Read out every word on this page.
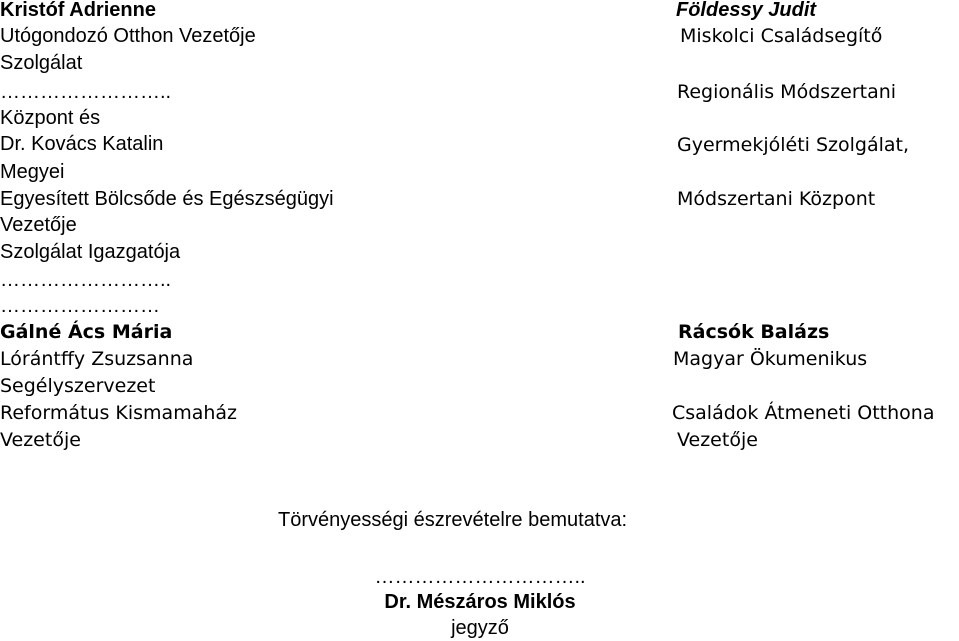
Kristóf Adrienne
Utógondozó Otthon Vezetője
Szolgálat
……………………..
Központ és
Dr. Kovács Katalin
Megyei
Egyesített Bölcsőde és Egészségügyi
Vezetője
Szolgálat Igazgatója
……………………..
……………………
Földessy Judit
Miskolci Családsegítő
Regionális Módszertani
Gyermekjóléti Szolgálat,
Módszertani Központ
Gálné Ács Mária
Lórántffy Zsuzsanna
Segélyszervezet
Református Kismamaház
Vezetője
Rácsók Balázs
Magyar Ökumenikus
Családok Átmeneti Otthona
Vezetője
Törvényességi észrevételre bemutatva:
…………………………..
Dr. Mészáros Miklós
jegyző
